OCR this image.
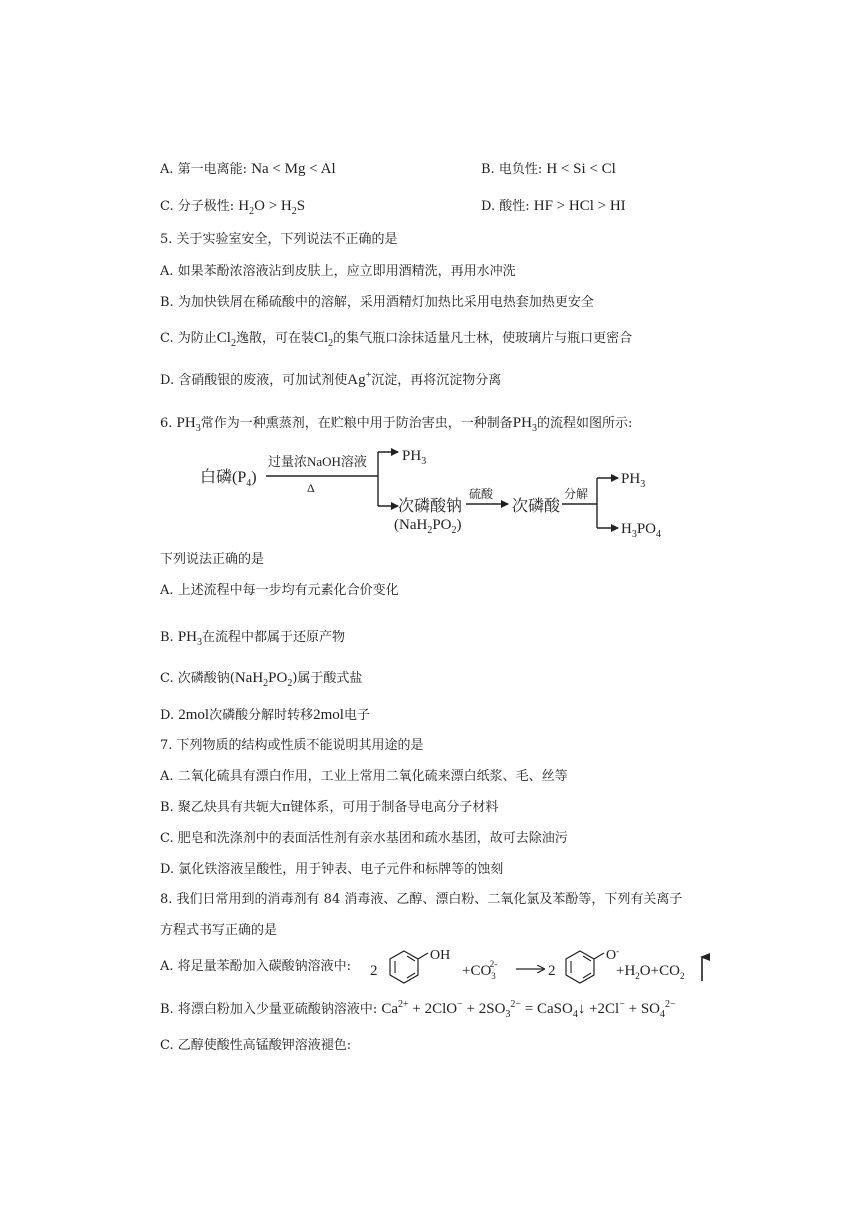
A. 第一电离能: Na < Mg < Al	B. 电负性: H < Si < Cl
C. 分子极性: $H_2O > H_2S$	D. 酸性: HF > HCl > HI
5. 关于实验室安全，下列说法不正确的是
A. 如果苯酚浓溶液沾到皮肤上，应立即用酒精洗，再用水冲洗
B. 为加快铁屑在稀硫酸中的溶解，采用酒精灯加热比采用电热套加热更安全
C. 为防止$Cl_2$逸散，可在装$Cl_2$的集气瓶口涂抹适量凡士林，使玻璃片与瓶口更密合
D. 含硝酸银的废液，可加试剂使Ag+沉淀，再将沉淀物分离
6. $PH_3$常作为一种熏蒸剂，在贮粮中用于防治害虫，一种制备$PH_3$的流程如图所示:
白磷$(P_4)$
过量浓NaOH溶液
Δ
$PH_3$
次磷酸钠
$(NaH_2PO_2)$
硫酸
次磷酸
分解
$PH_3$
$H_3PO_4$
下列说法正确的是
A. 上述流程中每一步均有元素化合价变化
B. $PH_3$在流程中都属于还原产物
C. 次磷酸钠$(NaH_2PO_2)$属于酸式盐
D. 2mol次磷酸分解时转移2mol电子
7. 下列物质的结构或性质不能说明其用途的是
A. 二氧化硫具有漂白作用，工业上常用二氧化硫来漂白纸浆、毛、丝等
B. 聚乙炔具有共轭大π键体系，可用于制备导电高分子材料
C. 肥皂和洗涤剂中的表面活性剂有亲水基团和疏水基团，故可去除油污
D. 氯化铁溶液呈酸性，用于钟表、电子元件和标牌等的蚀刻
8. 我们日常用到的消毒剂有 84 消毒液、乙醇、漂白粉、二氧化氯及苯酚等，下列有关离子
方程式书写正确的是
A. 将足量苯酚加入碳酸钠溶液中: 2
OH
$+CO_32-$	2
O-
$+H_2O+CO_2$
B. 将漂白粉加入少量亚硫酸钠溶液中: $Ca^{2+} + 2ClO^- + 2SO_3^{2-}$ = CaSO$_4$↓ $+2Cl^- + SO_4^{2-}$
C. 乙醇使酸性高锰酸钾溶液褪色:
